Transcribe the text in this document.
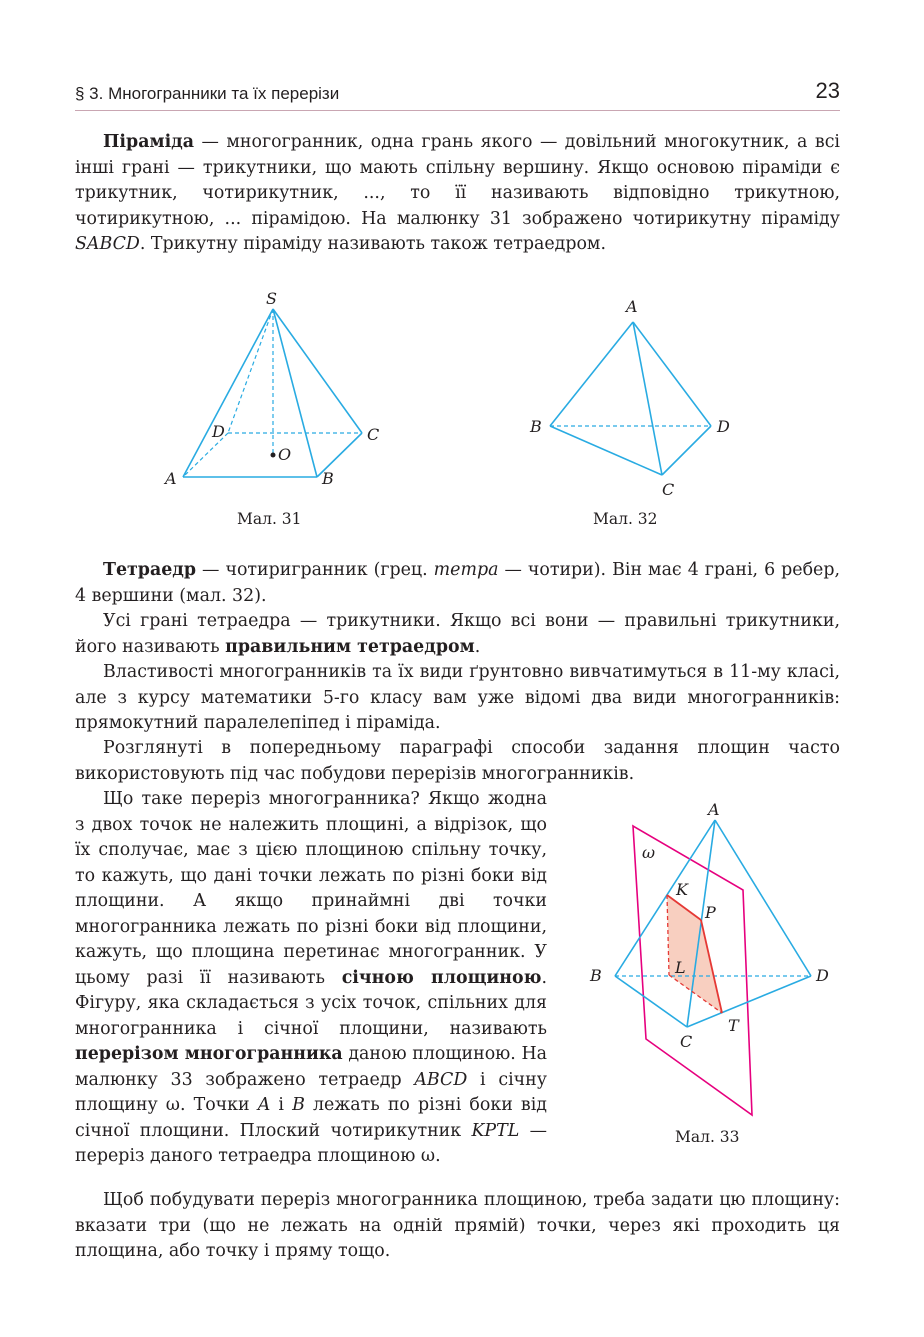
§ 3. Многогранники та їх перерізи	23

Піраміда — многогранник, одна грань якого — довільний многокутник, а всі інші грані — трикутники, що мають спільну вершину. Якщо основою піраміди є трикутник, чотирикутник, ..., то її називають відповідно трикутною, чотирикутною, ... пірамідою. На малюнку 31 зображено чотирикутну піраміду SABCD. Трикутну піраміду називають також тетраедром.

S
D	C
O
A	B
Мал. 31
A
B	D
C
Мал. 32

Тетраедр — чотиригранник (грец. тетра — чотири). Він має 4 грані, 6 ребер, 4 вершини (мал. 32).

Усі грані тетраедра — трикутники. Якщо всі вони — правильні трикутники, його називають правильним тетраедром.

Властивості многогранників та їх види ґрунтовно вивчатимуться в 11-му класі, але з курсу математики 5-го класу вам уже відомі два види многогранників: прямокутний паралелепіпед і піраміда.

Розглянуті в попередньому параграфі способи задання площин часто використовують під час побудови перерізів многогранників.

Що таке переріз многогранника? Якщо жодна з двох точок не належить площині, а відрізок, що їх сполучає, має з цією площиною спільну точку, то кажуть, що дані точки лежать по різні боки від площини. А якщо принаймні дві точки многогранника лежать по різні боки від площини, кажуть, що площина перетинає многогранник. У цьому разі її називають січною площиною. Фігуру, яка складається з усіх точок, спільних для многогранника і січної площини, називають перерізом многогранника даною площиною. На малюнку 33 зображено тетраедр ABCD і січну площину ω. Точки A і B лежать по різні боки від січної площини. Плоский чотирикутник KPTL — переріз даного тетраедра площиною ω.

A
ω
K
P
B	L	D
T
C
Мал. 33

Щоб побудувати переріз многогранника площиною, треба задати цю площину: вказати три (що не лежать на одній прямій) точки, через які проходить ця площина, або точку і пряму тощо.
